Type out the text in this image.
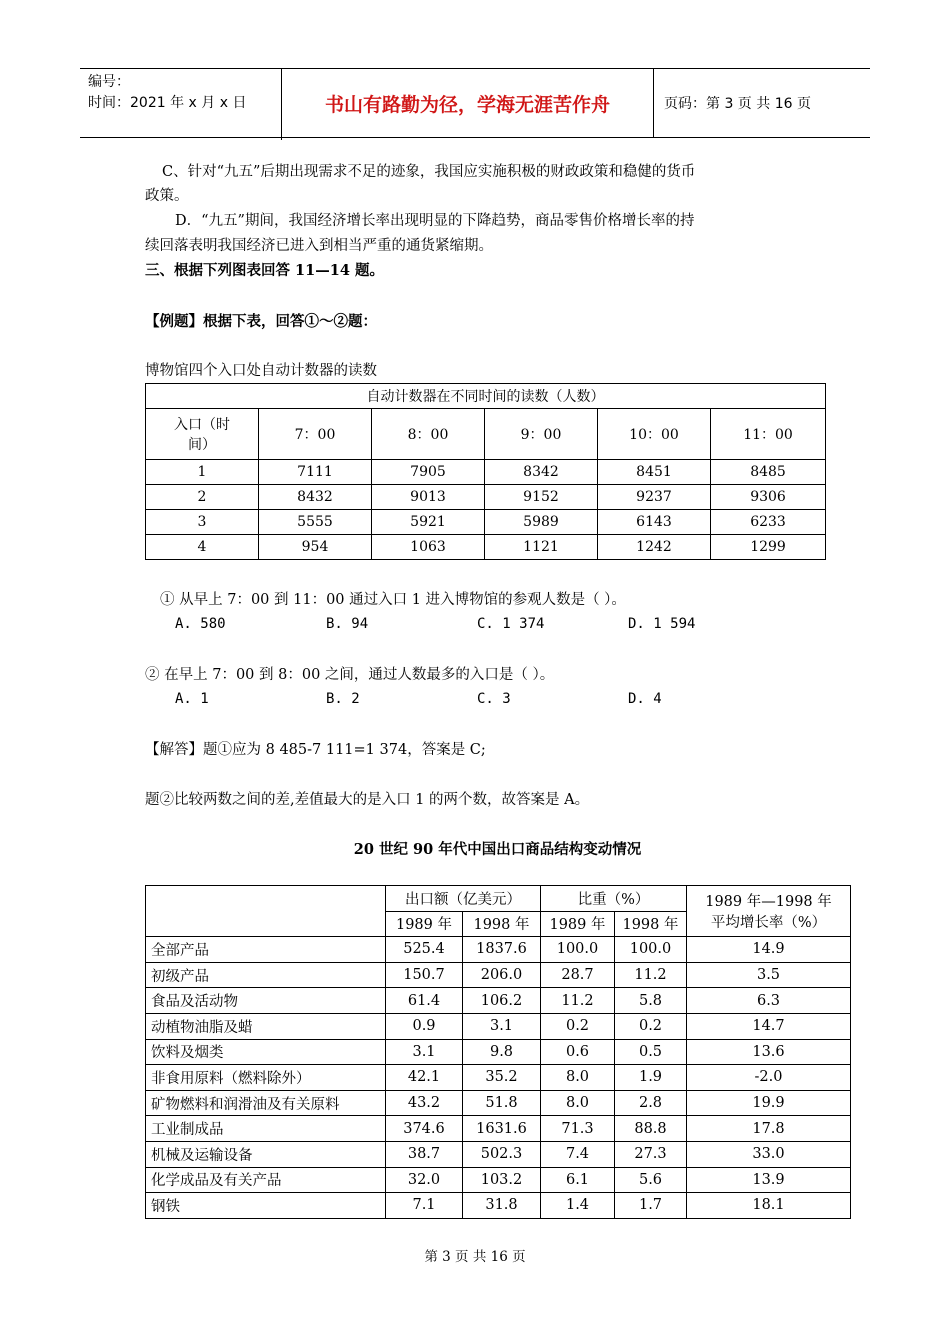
编号：
时间：2021 年 x 月 x 日	书山有路勤为径，学海无涯苦作舟	页码：第 3 页 共 16 页
C、针对“九五”后期出现需求不足的迹象，我国应实施积极的财政政策和稳健的货币
政策。
D．“九五”期间，我国经济增长率出现明显的下降趋势，商品零售价格增长率的持
续回落表明我国经济已进入到相当严重的通货紧缩期。
三、根据下列图表回答 11—14 题。
【例题】根据下表，回答①～②题：
博物馆四个入口处自动计数器的读数
自动计数器在不同时间的读数（人数）					

入口（时
间）	7：00	8：00	9：00	10：00	11：00
1	7111	7905	8342	8451	8485
2	8432	9013	9152	9237	9306
3	5555	5921	5989	6143	6233
4	954	1063	1121	1242	1299
① 从早上 7：00 到 11：00 通过入口 1 进入博物馆的参观人数是（ ）。
A. 580	B. 94	C. 1 374	D. 1 594
② 在早上 7：00 到 8：00 之间，通过人数最多的入口是（ ）。
A. 1	B. 2	C. 3	D. 4
【解答】题①应为 8 485-7 111=1 374，答案是 C;
题②比较两数之间的差,差值最大的是入口 1 的两个数，故答案是 A。
20 世纪 90 年代中国出口商品结构变动情况
	出口额（亿美元）		比重（%）		1989 年—1998 年
平均增长率（%）

	1989 年	1998 年	1989 年	1998 年	
全部产品	525.4	1837.6	100.0	100.0	14.9
初级产品	150.7	206.0	28.7	11.2	3.5
食品及活动物	61.4	106.2	11.2	5.8	6.3
动植物油脂及蜡	0.9	3.1	0.2	0.2	14.7
饮料及烟类	3.1	9.8	0.6	0.5	13.6
非食用原料（燃料除外）	42.1	35.2	8.0	1.9	-2.0
矿物燃料和润滑油及有关原料	43.2	51.8	8.0	2.8	19.9
工业制成品	374.6	1631.6	71.3	88.8	17.8
机械及运输设备	38.7	502.3	7.4	27.3	33.0
化学成品及有关产品	32.0	103.2	6.1	5.6	13.9
钢铁	7.1	31.8	1.4	1.7	18.1
第 3 页 共 16 页
